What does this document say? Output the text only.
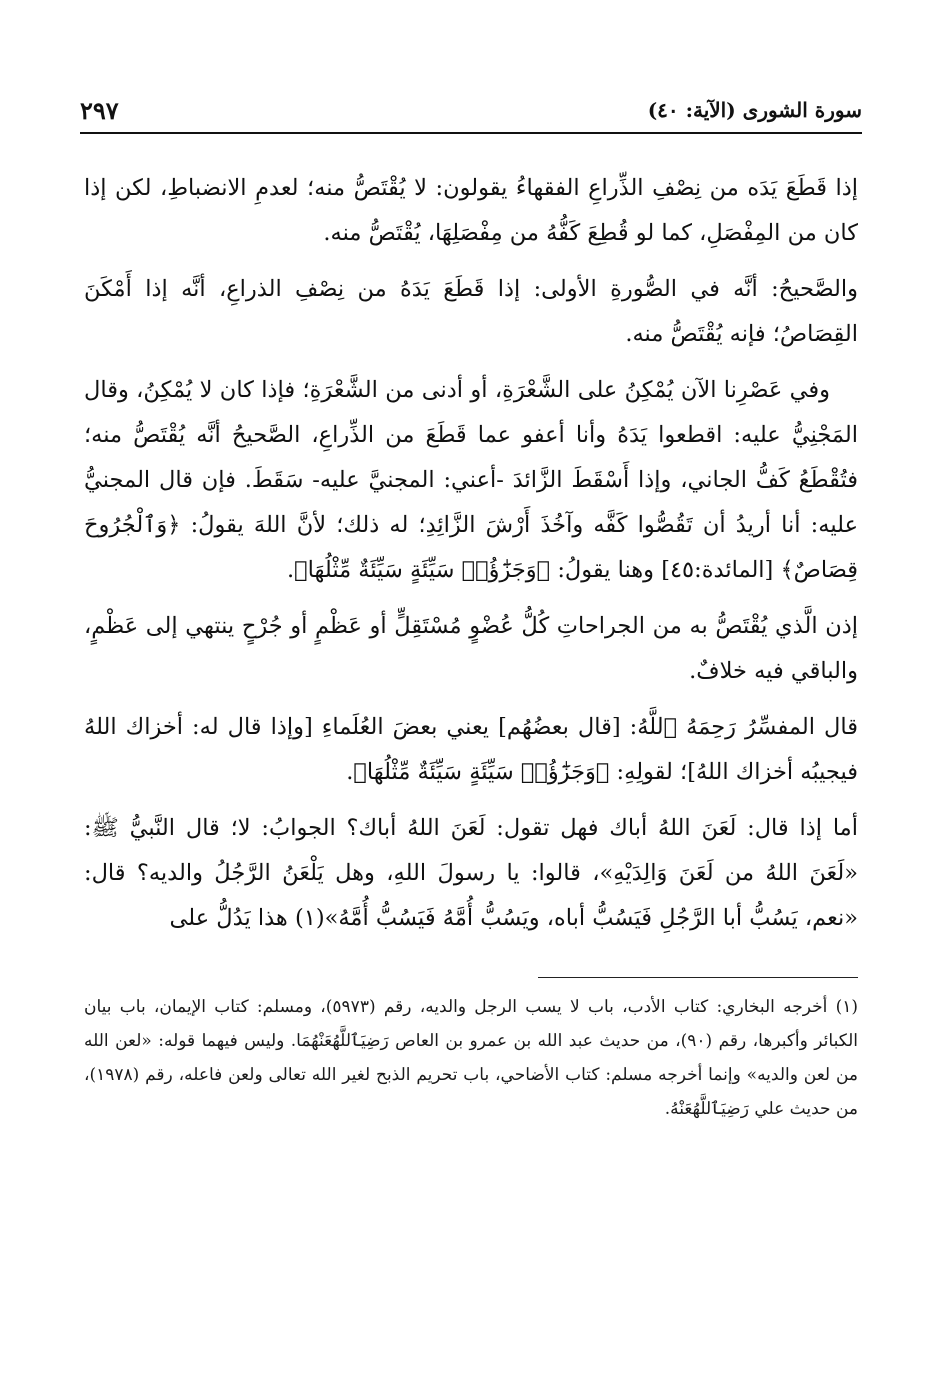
سورة الشورى (الآية: ٤٠)
٢٩٧

إذا قَطَعَ يَدَه من نِصْفِ الذِّراعِ الفقهاءُ يقولون: لا يُقْتَصُّ منه؛ لعدمِ الانضباطِ، لكن إذا كان من المِفْصَلِ، كما لو قُطِعَ كَفُّهُ من مِفْصَلِهَا، يُقْتَصُّ منه.

والصَّحيحُ: أنَّه في الصُّورةِ الأولى: إذا قَطَعَ يَدَهُ من نِصْفِ الذراعِ، أنَّه إذا أَمْكَنَ القِصَاصُ؛ فإنه يُقْتَصُّ منه.

وفي عَصْرِنا الآن يُمْكِنُ على الشَّعْرَةِ، أو أدنى من الشَّعْرَةِ؛ فإذا كان لا يُمْكِنُ، وقال المَجْنِيُّ عليه: اقطعوا يَدَهُ وأنا أعفو عما قَطَعَ من الذِّراعِ، الصَّحيحُ أنَّه يُقْتَصُّ منه؛ فتُقْطَعُ كَفُّ الجاني، وإذا أَسْقَطَ الزَّائدَ -أعني: المجنيَّ عليه- سَقَطَ. فإن قال المجنيُّ عليه: أنا أريدُ أن تَقُصُّوا كَفَّه وآخُذَ أَرْشَ الزَّائِدِ؛ له ذلك؛ لأنَّ اللهَ يقولُ: ﴿وَٱلْجُرُوحَ قِصَاصٌ﴾ [المائدة:٤٥] وهنا يقولُ: ﴿وَجَزَٰٓؤُا۟ سَيِّئَةٍ سَيِّئَةٌ مِّثْلُهَا﴾.

إذن الَّذي يُقْتَصُّ به من الجراحاتِ كُلُّ عُضْوٍ مُسْتَقِلٍّ أو عَظْمٍ أو جُرْحٍ ينتهي إلى عَظْمٍ، والباقي فيه خلافٌ.

قال المفسِّرُ رَحِمَهُ ٱللَّهُ: [قال بعضُهُم] يعني بعضَ العُلَماءِ [وإذا قال له: أخزاك اللهُ فيجيبُه أخزاك اللهُ]؛ لقولِهِ: ﴿وَجَزَٰٓؤُا۟ سَيِّئَةٍ سَيِّئَةٌ مِّثْلُهَا﴾.

أما إذا قال: لَعَنَ اللهُ أباك فهل تقول: لَعَنَ اللهُ أباك؟ الجوابُ: لا؛ قال النَّبيُّ ﷺ: «لَعَنَ اللهُ من لَعَنَ وَالِدَيْهِ»، قالوا: يا رسولَ اللهِ، وهل يَلْعَنُ الرَّجُلُ والديه؟ قال: «نعم، يَسُبُّ أبا الرَّجُلِ فَيَسُبُّ أباه، ويَسُبُّ أُمَّهُ فَيَسُبُّ أُمَّهُ»(١) هذا يَدُلُّ على

(١) أخرجه البخاري: كتاب الأدب، باب لا يسب الرجل والديه، رقم (٥٩٧٣)، ومسلم: كتاب الإيمان، باب بيان الكبائر وأكبرها، رقم (٩٠)، من حديث عبد الله بن عمرو بن العاص رَضِيَٱللَّهُعَنْهُمَا. وليس فيهما قوله: «لعن الله من لعن والديه» وإنما أخرجه مسلم: كتاب الأضاحي، باب تحريم الذبح لغير الله تعالى ولعن فاعله، رقم (١٩٧٨)، من حديث علي رَضِيَٱللَّهُعَنْهُ.
